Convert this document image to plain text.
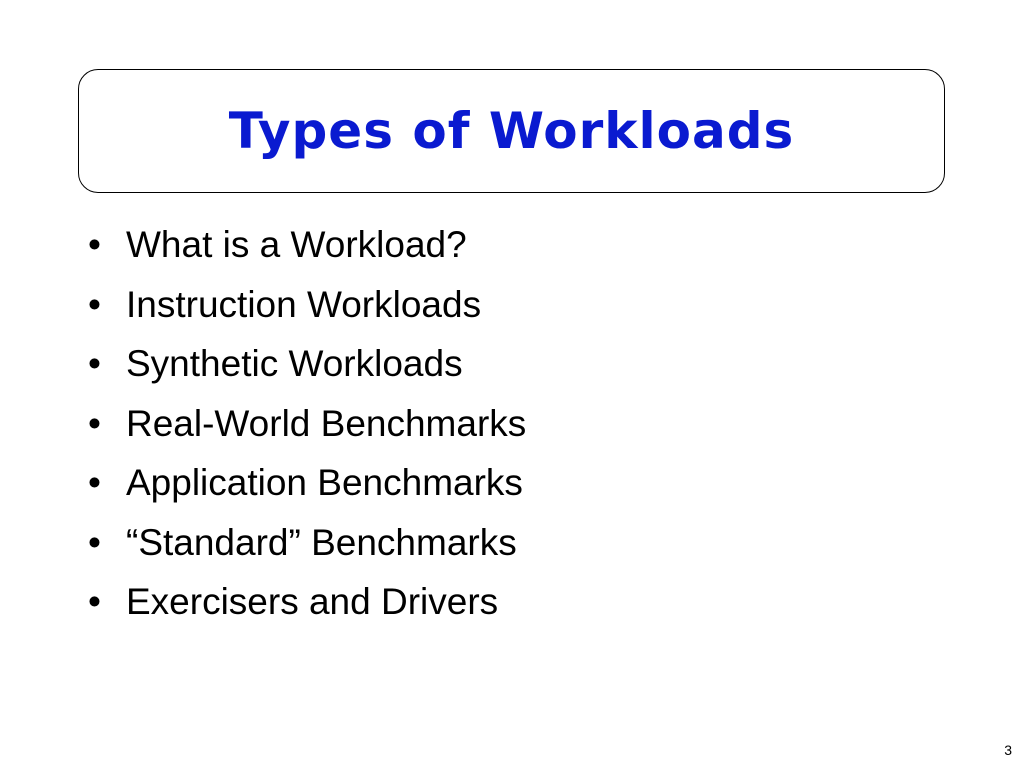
Types of Workloads
• What is a Workload?
• Instruction Workloads
• Synthetic Workloads
• Real-World Benchmarks
• Application Benchmarks
• “Standard” Benchmarks
• Exercisers and Drivers
3
